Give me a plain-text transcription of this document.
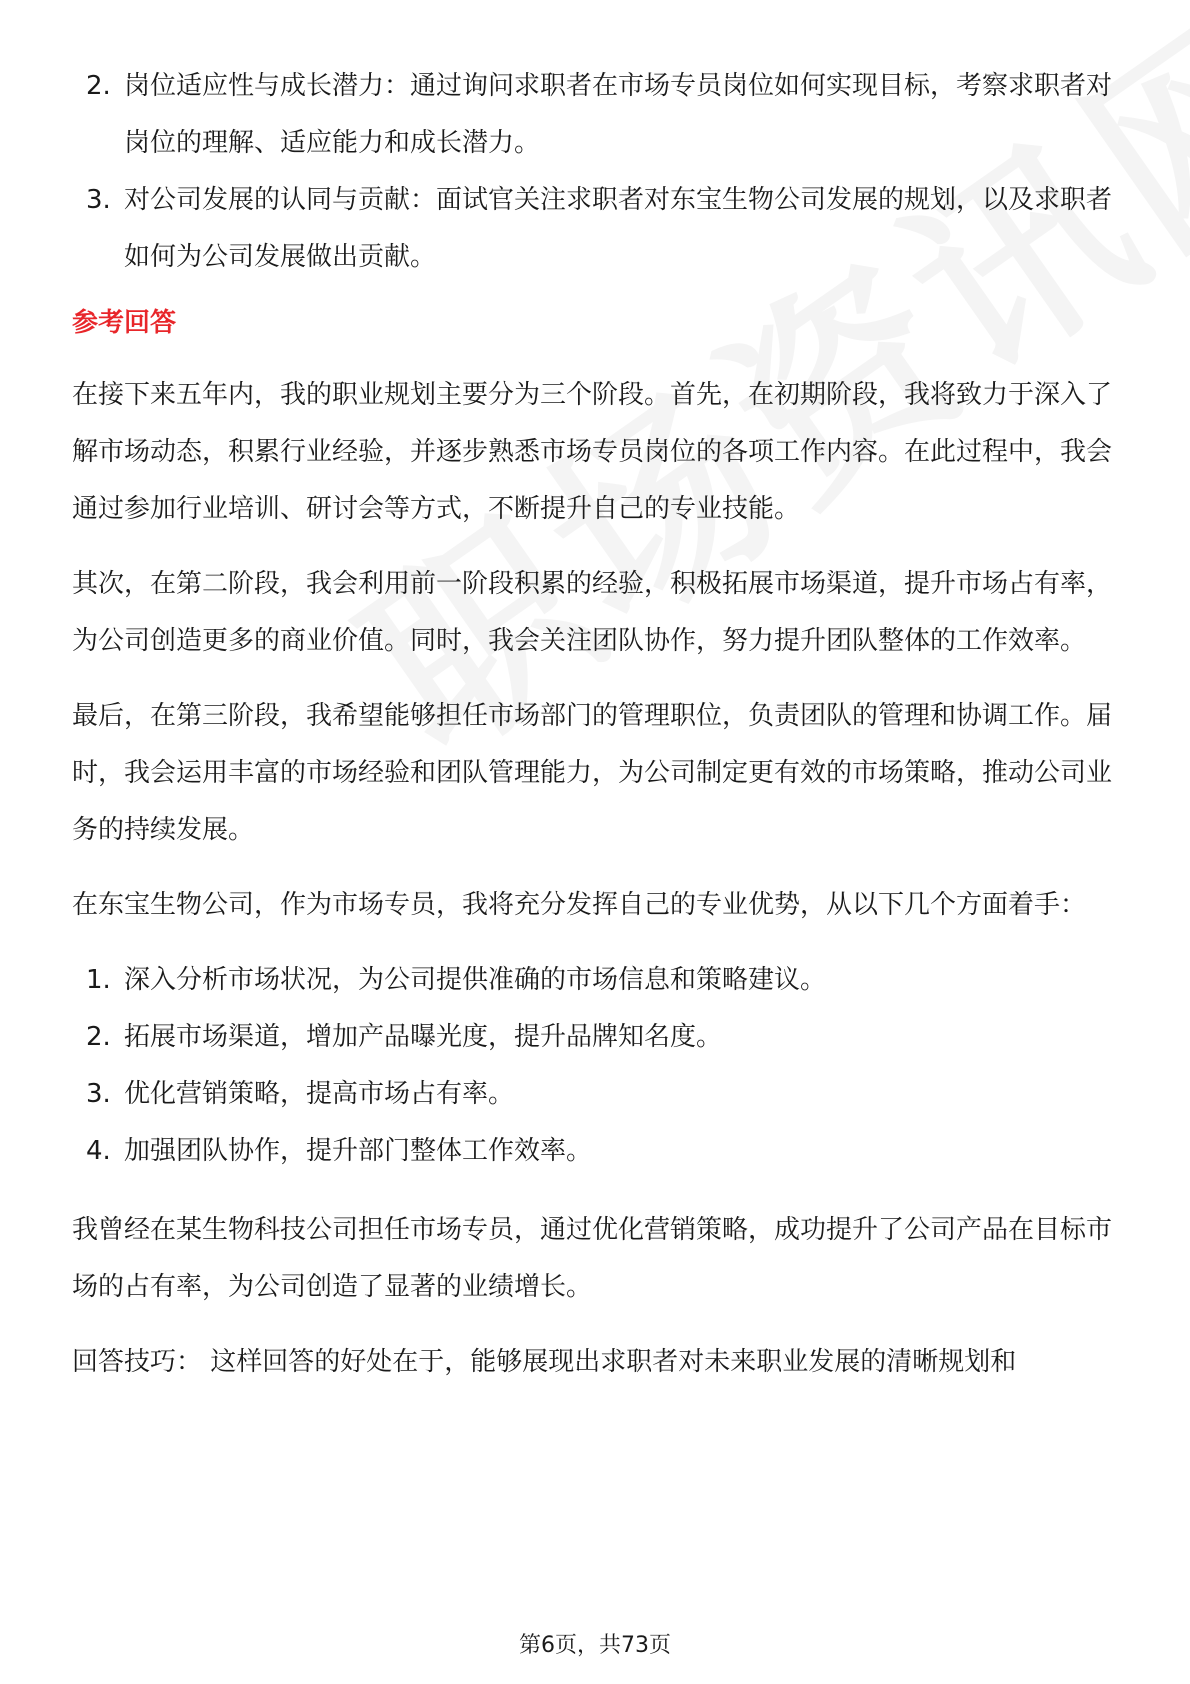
2. 岗位适应性与成长潜力：通过询问求职者在市场专员岗位如何实现目标，考察求职者对岗位的理解、适应能力和成长潜力。
3. 对公司发展的认同与贡献：面试官关注求职者对东宝生物公司发展的规划，以及求职者如何为公司发展做出贡献。
参考回答

在接下来五年内，我的职业规划主要分为三个阶段。首先，在初期阶段，我将致力于深入了解市场动态，积累行业经验，并逐步熟悉市场专员岗位的各项工作内容。在此过程中，我会通过参加行业培训、研讨会等方式，不断提升自己的专业技能。

其次，在第二阶段，我会利用前一阶段积累的经验，积极拓展市场渠道，提升市场占有率，为公司创造更多的商业价值。同时，我会关注团队协作，努力提升团队整体的工作效率。

最后，在第三阶段，我希望能够担任市场部门的管理职位，负责团队的管理和协调工作。届时，我会运用丰富的市场经验和团队管理能力，为公司制定更有效的市场策略，推动公司业务的持续发展。

在东宝生物公司，作为市场专员，我将充分发挥自己的专业优势，从以下几个方面着手：

1. 深入分析市场状况，为公司提供准确的市场信息和策略建议。
2. 拓展市场渠道，增加产品曝光度，提升品牌知名度。
3. 优化营销策略，提高市场占有率。
4. 加强团队协作，提升部门整体工作效率。

我曾经在某生物科技公司担任市场专员，通过优化营销策略，成功提升了公司产品在目标市场的占有率，为公司创造了显著的业绩增长。

回答技巧： 这样回答的好处在于，能够展现出求职者对未来职业发展的清晰规划和

第6页，共73页
